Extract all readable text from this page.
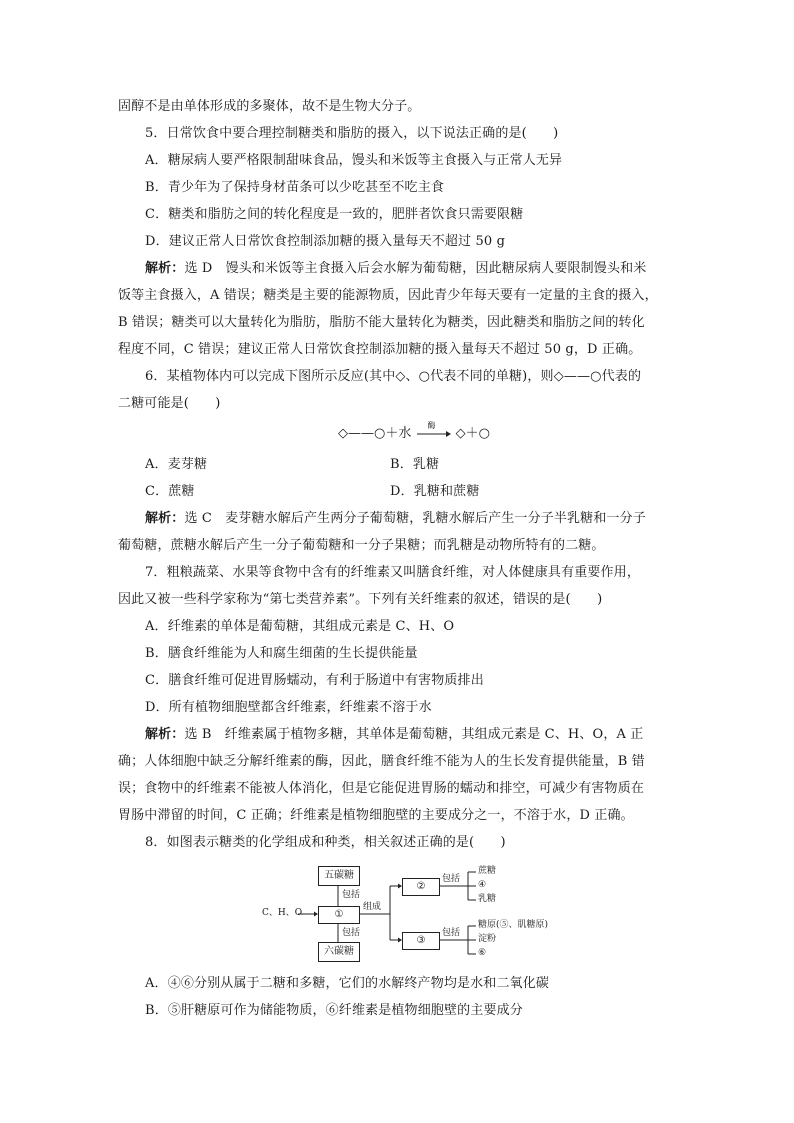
固醇不是由单体形成的多聚体，故不是生物大分子。
5．日常饮食中要合理控制糖类和脂肪的摄入，以下说法正确的是(　　)
A．糖尿病人要严格限制甜味食品，馒头和米饭等主食摄入与正常人无异
B．青少年为了保持身材苗条可以少吃甚至不吃主食
C．糖类和脂肪之间的转化程度是一致的，肥胖者饮食只需要限糖
D．建议正常人日常饮食控制添加糖的摄入量每天不超过 50 g
解析：选 D　馒头和米饭等主食摄入后会水解为葡萄糖，因此糖尿病人要限制馒头和米
饭等主食摄入，A 错误；糖类是主要的能源物质，因此青少年每天要有一定量的主食的摄入，
B 错误；糖类可以大量转化为脂肪，脂肪不能大量转化为糖类，因此糖类和脂肪之间的转化
程度不同，C 错误；建议正常人日常饮食控制添加糖的摄入量每天不超过 50 g，D 正确。
6．某植物体内可以完成下图所示反应(其中◇、○代表不同的单糖)，则◇——○代表的
二糖可能是(　　)
◇——○＋水
酶
◇＋○
A．麦芽糖	B．乳糖
C．蔗糖	D．乳糖和蔗糖
解析：选 C　麦芽糖水解后产生两分子葡萄糖，乳糖水解后产生一分子半乳糖和一分子
葡萄糖，蔗糖水解后产生一分子葡萄糖和一分子果糖；而乳糖是动物所特有的二糖。
7．粗粮蔬菜、水果等食物中含有的纤维素又叫膳食纤维，对人体健康具有重要作用，
因此又被一些科学家称为“第七类营养素”。下列有关纤维素的叙述，错误的是(　　)
A．纤维素的单体是葡萄糖，其组成元素是 C、H、O
B．膳食纤维能为人和腐生细菌的生长提供能量
C．膳食纤维可促进胃肠蠕动，有利于肠道中有害物质排出
D．所有植物细胞壁都含纤维素，纤维素不溶于水
解析：选 B　纤维素属于植物多糖，其单体是葡萄糖，其组成元素是 C、H、O，A 正
确；人体细胞中缺乏分解纤维素的酶，因此，膳食纤维不能为人的生长发育提供能量，B 错
误；食物中的纤维素不能被人体消化，但是它能促进胃肠的蠕动和排空，可减少有害物质在
胃肠中滞留的时间，C 正确；纤维素是植物细胞壁的主要成分之一，不溶于水，D 正确。
8．如图表示糖类的化学组成和种类，相关叙述正确的是(　　)
C、H、O
五碳糖
包括
①
包括
六碳糖
组成
②
包括
③
包括
蔗糖
④
乳糖
糖原(⑤、肌糖原)
淀粉
⑥
A．④⑥分别从属于二糖和多糖，它们的水解终产物均是水和二氧化碳
B．⑤肝糖原可作为储能物质，⑥纤维素是植物细胞壁的主要成分
